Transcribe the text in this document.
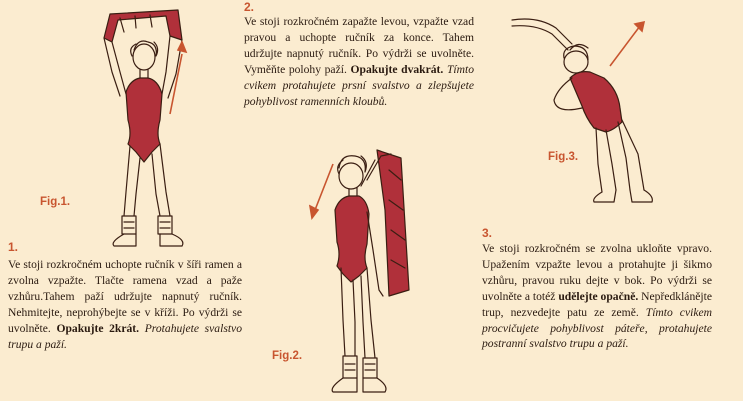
Fig.1.
1.
Ve stoji rozkročném uchopte ručník v šíři ramen a zvolna vzpažte. Tlačte ramena vzad a paže vzhůru.Tahem paží udržujte napnutý ručník. Nehmitejte, neprohýbejte se v kříži. Po výdrži se uvolněte. Opakujte 2krát. Protahujete svalstvo trupu a paží.
2.
Ve stoji rozkročném zapažte levou, vzpažte vzad pravou a uchopte ručník za konce. Tahem udržujte napnutý ručník. Po výdrži se uvolněte. Vyměňte polohy paží. Opakujte dvakrát. Tímto cvikem protahujete prsní svalstvo a zlepšujete pohyblivost ramenních kloubů.
Fig.2.
Fig.3.
3.
Ve stoji rozkročném se zvolna ukloňte vpravo. Upažením vzpažte levou a protahujte ji šikmo vzhůru, pravou ruku dejte v bok. Po výdrži se uvolněte a totéž udělejte opačně. Nepředklánějte trup, nezvedejte patu ze země. Tímto cvikem procvičujete pohyblivost páteře, protahujete postranní svalstvo trupu a paží.
